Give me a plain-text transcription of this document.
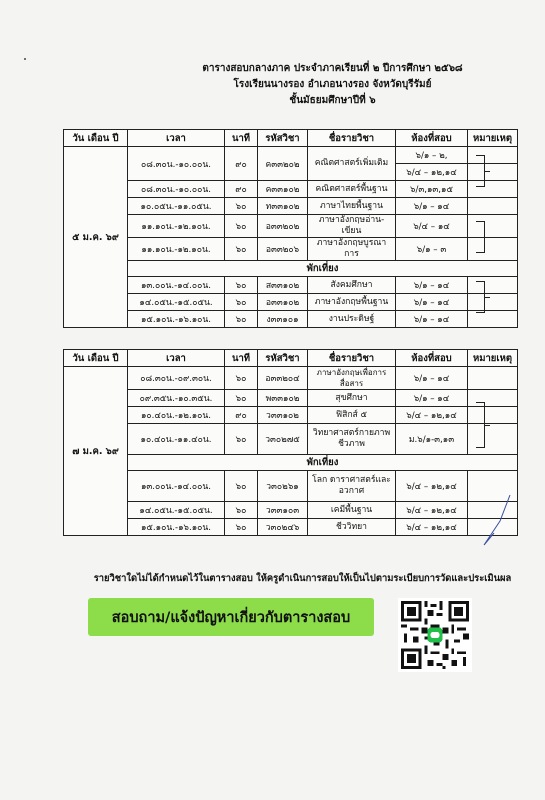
ตารางสอบกลางภาค ประจำภาคเรียนที่ ๒ ปีการศึกษา ๒๕๖๘
โรงเรียนนางรอง อำเภอนางรอง จังหวัดบุรีรัมย์
ชั้นมัธยมศึกษาปีที่ ๖
วัน เดือน ปี	เวลา	นาที	รหัสวิชา	ชื่อรายวิชา	ห้องที่สอบ	หมายเหตุ
๕ ม.ค. ๖๙	๐๘.๓๐น.-๑๐.๐๐น.	๙๐	ค๓๓๒๐๒	คณิตศาสตร์เพิ่มเติม	๖/๑ – ๒,	
					๖/๔ – ๑๒,๑๔	
	๐๘.๓๐น.-๑๐.๐๐น.	๙๐	ค๓๓๑๐๒	คณิตศาสตร์พื้นฐาน	๖/๓,๑๓,๑๕	
	๑๐.๐๕น.-๑๑.๐๕น.	๖๐	ท๓๓๑๐๒	ภาษาไทยพื้นฐาน	๖/๑ – ๑๔	
	๑๑.๑๐น.-๑๒.๑๐น.	๖๐	อ๓๓๒๐๒	ภาษาอังกฤษอ่าน-เขียน	๖/๔ – ๑๔	
	๑๑.๑๐น.-๑๒.๑๐น.	๖๐	อ๓๓๒๐๖	ภาษาอังกฤษบูรณาการ	๖/๑ – ๓	
	พักเที่ยง					
	๑๓.๐๐น.-๑๔.๐๐น.	๖๐	ส๓๓๑๐๒	สังคมศึกษา	๖/๑ – ๑๔	
	๑๔.๐๕น.-๑๕.๐๕น.	๖๐	อ๓๓๑๐๒	ภาษาอังกฤษพื้นฐาน	๖/๑ – ๑๔	
	๑๕.๑๐น.-๑๖.๑๐น.	๖๐	ง๓๓๑๐๑	งานประดิษฐ์	๖/๑ – ๑๔	
วัน เดือน ปี	เวลา	นาที	รหัสวิชา	ชื่อรายวิชา	ห้องที่สอบ	หมายเหตุ
๗ ม.ค. ๖๙	๐๘.๓๐น.-๐๙.๓๐น.	๖๐	อ๓๓๒๐๔	ภาษาอังกฤษเพื่อการสื่อสาร	๖/๑ – ๑๔	
	๐๙.๓๕น.-๑๐.๓๕น.	๖๐	พ๓๓๑๐๒	สุขศึกษา	๖/๑ – ๑๔	
	๑๐.๔๐น.-๑๒.๑๐น.	๙๐	ว๓๓๑๐๒	ฟิสิกส์ ๕	๖/๔ – ๑๒,๑๔	
	๑๐.๔๐น.-๑๑.๔๐น.	๖๐	ว๓๐๒๗๕	วิทยาศาสตร์กายภาพ ชีวภาพ	ม.๖/๑-๓,๑๓	
	พักเที่ยง					
	๑๓.๐๐น.-๑๔.๐๐น.	๖๐	ว๓๐๒๖๑	โลก ดาราศาสตร์และ อวกาศ	๖/๔ – ๑๒,๑๔	
	๑๔.๐๕น.-๑๕.๐๕น.	๖๐	ว๓๓๑๐๓	เคมีพื้นฐาน	๖/๔ – ๑๒,๑๔	
	๑๕.๑๐น.-๑๖.๑๐น.	๖๐	ว๓๐๒๔๖	ชีววิทยา	๖/๔ – ๑๒,๑๔	
รายวิชาใดไม่ได้กำหนดไว้ในตารางสอบ ให้ครูดำเนินการสอบให้เป็นไปตามระเบียบการวัดและประเมินผล
สอบถาม/แจ้งปัญหาเกี่ยวกับตารางสอบ
